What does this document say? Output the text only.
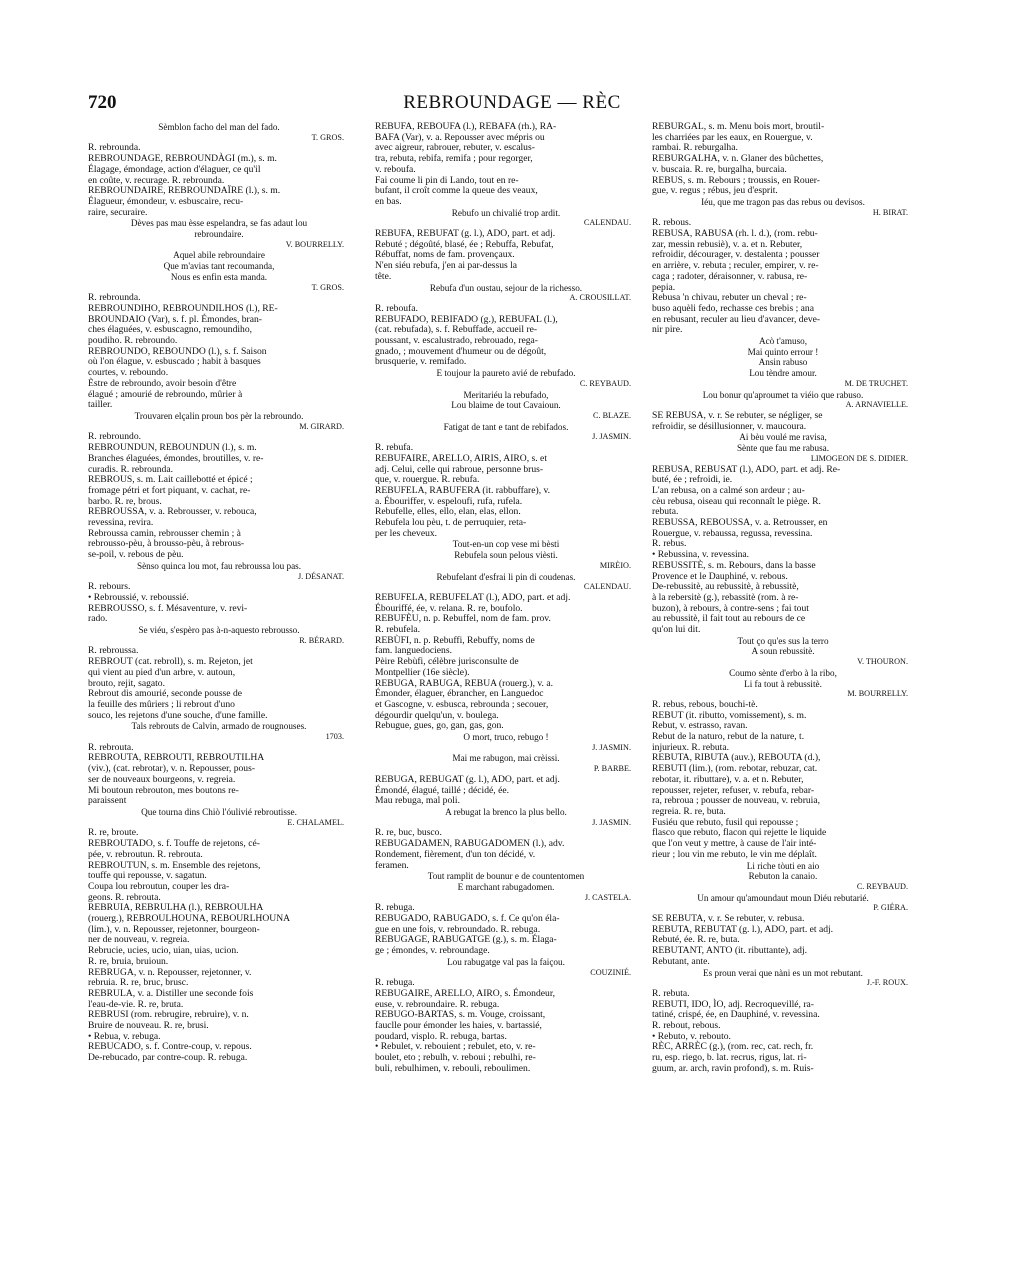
720	REBROUNDAGE — RÈC
Sèmblon facho del man del fado.
T. GROS.
R. rebrounda.
REBROUNDAGE, REBROUNDÀGI (m.), s. m.
Élagage, émondage, action d'élaguer, ce qu'il
en coûte, v. recurage. R. rebrounda.
REBROUNDAIRE, REBROUNDAÏRE (l.), s. m.
Élagueur, émondeur, v. esbuscaire, recu-
raire, securaire.
Dèves pas mau èsse espelandra, se fas adaut lou
rebroundaire.
V. BOURRELLY.
Aquel abile rebroundaire
Que m'avias tant recoumanda,
Nous es enfin esta manda.
T. GROS.
R. rebrounda.
REBROUNDIHO, REBROUNDILHOS (l.), RE-
BROUNDAIO (Var), s. f. pl. Émondes, bran-
ches élaguées, v. esbuscagno, remoundiho,
poudiho. R. rebroundo.
REBROUNDO, REBOUNDO (l.), s. f. Saison
où l'on élague, v. esbuscado ; habit à basques
courtes, v. reboundo.
Èstre de rebroundo, avoir besoin d'être
élagué ; amourié de rebroundo, mûrier à
tailler.
Trouvaren elçalin proun bos pèr la rebroundo.
M. GIRARD.
R. rebroundo.
REBROUNDUN, REBOUNDUN (l.), s. m.
Branches élaguées, émondes, broutilles, v. re-
curadis. R. rebrounda.
REBROUS, s. m. Lait caillebotté et épicé ;
fromage pétri et fort piquant, v. cachat, re-
barbo. R. re, brous.
REBROUSSA, v. a. Rebrousser, v. rebouca,
revessina, revira.
Rebroussa camin, rebrousser chemin ; à
rebrousso-pèu, à brousso-pèu, à rebrous-
se-poil, v. rebous de pèu.
Sènso quinca lou mot, fau rebroussa lou pas.
J. DÉSANAT.
R. rebours.
• Rebroussié, v. reboussié.
REBROUSSO, s. f. Mésaventure, v. revi-
rado.
Se viéu, s'espèro pas à-n-aquesto rebrousso.
R. BÉRARD.
R. rebroussa.
REBROUT (cat. rebroll), s. m. Rejeton, jet
qui vient au pied d'un arbre, v. autoun,
brouto, rejit, sagato.
Rebrout dis amourié, seconde pousse de
la feuille des mûriers ; li rebrout d'uno
souco, les rejetons d'une souche, d'une famille.
Tals rebrouts de Calvin, armado de rougnouses.
1703.
R. rebrouta.
REBROUTA, REBROUTI, REBROUTILHA
(viv.), (cat. rebrotar), v. n. Repousser, pous-
ser de nouveaux bourgeons, v. regreia.
Mi boutoun rebrouton, mes boutons re-
paraissent
Que tourna dins Chiò l'óulivié rebroutisse.
E. CHALAMEL.
R. re, broute.
REBROUTADO, s. f. Touffe de rejetons, cé-
pée, v. rebroutun. R. rebrouta.
REBROUTUN, s. m. Ensemble des rejetons,
touffe qui repousse, v. sagatun.
Coupa lou rebroutun, couper les dra-
geons. R. rebrouta.
REBRUIA, REBRULHA (l.), REBROULHA
(rouerg.), REBROULHOUNA, REBOURLHOUNA
(lim.), v. n. Repousser, rejetonner, bourgeon-
ner de nouveau, v. regreia.
Rebrucie, ucies, ucio, uian, uias, ucion.
R. re, bruia, bruioun.
REBRUGA, v. n. Repousser, rejetonner, v.
rebruia. R. re, bruc, brusc.
REBRULA, v. a. Distiller une seconde fois
l'eau-de-vie. R. re, bruta.
REBRUSI (rom. rebrugire, rebruire), v. n.
Bruire de nouveau. R. re, brusi.
• Rebua, v. rebuga.
REBUCADO, s. f. Contre-coup, v. repous.
De-rebucado, par contre-coup. R. rebuga.
REBUFA, REBOUFA (l.), REBAFA (rh.), RA-
BAFA (Var), v. a. Repousser avec mépris ou
avec aigreur, rabrouer, rebuter, v. escalus-
tra, rebuta, rebifa, remifa ; pour regorger,
v. reboufa.
Fai coume li pin di Lando, tout en re-
bufant, il croît comme la queue des veaux,
en bas.
Rebufo un chivalié trop ardit.
CALENDAU.
REBUFA, REBUFAT (g. l.), ADO, part. et adj.
Rebuté ; dégoûté, blasé, ée ; Rebuffa, Rebufat,
Rébuffat, noms de fam. provençaux.
N'en siéu rebufa, j'en ai par-dessus la
tête.
Rebufa d'un oustau, sejour de la richesso.
A. CROUSILLAT.
R. reboufa.
REBUFADO, REBIFADO (g.), REBUFAL (l.),
(cat. rebufada), s. f. Rebuffade, accueil re-
poussant, v. escalustrado, rebrouado, rega-
gnado, ; mouvement d'humeur ou de dégoût,
brusquerie, v. remifado.
E toujour la paureto avié de rebufado.
C. REYBAUD.
Meritariéu la rebufado,
Lou blaime de tout Cavaioun.
C. BLAZE.
Fatigat de tant e tant de rebifados.
J. JASMIN.
R. rebufa.
REBUFAIRE, ARELLO, AIRIS, AIRO, s. et
adj. Celui, celle qui rabroue, personne brus-
que, v. rouergue. R. rebufa.
REBUFELA, RABUFERA (it. rabbuffare), v.
a. Ébouriffer, v. espeloufi, rufa, rufela.
Rebufelle, elles, ello, elan, elas, ellon.
Rebufela lou pèu, t. de perruquier, reta-
per les cheveux.
Tout-en-un cop vese mi bèsti
Rebufela soun pelous vièsti.
MIRÈIO.
Rebufelant d'esfrai li pin di coudenas.
CALENDAU.
REBUFELA, REBUFELAT (l.), ADO, part. et adj.
Ébouriffé, ée, v. relana. R. re, boufolo.
REBUFÈU, n. p. Rebuffel, nom de fam. prov.
R. rebufela.
REBÙFI, n. p. Rebuffi, Rebuffy, noms de
fam. languedociens.
Pèire Rebùfi, célèbre jurisconsulte de
Montpellier (16e siècle).
REBUGA, RABUGA, REBUA (rouerg.), v. a.
Émonder, élaguer, ébrancher, en Languedoc
et Gascogne, v. esbusca, rebrounda ; secouer,
dégourdir quelqu'un, v. boulega.
Rebugue, gues, go, gan, gas, gon.
O mort, truco, rebugo !
J. JASMIN.
Mai me rabugon, mai crèissi.
P. BARBE.
REBUGA, REBUGAT (g. l.), ADO, part. et adj.
Émondé, élagué, taillé ; décidé, ée.
Mau rebuga, mal poli.
A rebugat la brenco la plus bello.
J. JASMIN.
R. re, buc, busco.
REBUGADAMEN, RABUGADOMEN (l.), adv.
Rondement, fièrement, d'un ton décidé, v.
feramen.
Tout ramplit de bounur e de countentomen
E marchant rabugadomen.
J. CASTELA.
R. rebuga.
REBUGADO, RABUGADO, s. f. Ce qu'on éla-
gue en une fois, v. rebroundado. R. rebuga.
REBUGAGE, RABUGATGE (g.), s. m. Élaga-
ge ; émondes, v. rebroundage.
Lou rabugatge val pas la faiçou.
COUZINIÉ.
R. rebuga.
REBUGAIRE, ARELLO, AIRO, s. Émondeur,
euse, v. rebroundaire. R. rebuga.
REBUGO-BARTAS, s. m. Vouge, croissant,
fauclle pour émonder les haies, v. bartassié,
poudard, visplo. R. rebuga, bartas.
• Rebulet, v. rebouient ; rebulet, eto, v. re-
boulet, eto ; rebulh, v. reboui ; rebulhi, re-
buli, rebulhimen, v. rebouli, reboulimen.
REBURGAL, s. m. Menu bois mort, broutil-
les charriées par les eaux, en Rouergue, v.
rambai. R. reburgalha.
REBURGALHA, v. n. Glaner des bûchettes,
v. buscaia. R. re, burgalha, burcaia.
REBUS, s. m. Rebours ; troussis, en Rouer-
gue, v. regus ; rébus, jeu d'esprit.
Iéu, que me tragon pas das rebus ou devisos.
H. BIRAT.
R. rebous.
REBUSA, RABUSA (rh. l. d.), (rom. rebu-
zar, messin rebusiè), v. a. et n. Rebuter,
refroidir, décourager, v. destalenta ; pousser
en arrière, v. rebuta ; reculer, empirer, v. re-
caga ; radoter, déraisonner, v. rabusa, re-
pepia.
Rebusa 'n chivau, rebuter un cheval ; re-
buso aquèli fedo, rechasse ces brebis ; ana
en rebusant, reculer au lieu d'avancer, deve-
nir pire.
Acò t'amuso,
Mai quinto errour !
Ansin rabuso
Lou tèndre amour.
M. DE TRUCHET.
Lou bonur qu'aproumet ta viéio que rabuso.
A. ARNAVIELLE.
SE REBUSA, v. r. Se rebuter, se négliger, se
refroidir, se désillusionner, v. maucoura.
Ai bèu voulé me ravisa,
Sènte que fau me rabusa.
LIMOGEON DE S. DIDIER.
REBUSA, REBUSAT (l.), ADO, part. et adj. Re-
buté, ée ; refroidi, ie.
L'an rebusa, on a calmé son ardeur ; au-
cèu rebusa, oiseau qui reconnaît le piège. R.
rebuta.
REBUSSA, REBOUSSA, v. a. Retrousser, en
Rouergue, v. rebaussa, regussa, revessina.
R. rebus.
• Rebussina, v. revessina.
REBUSSITÈ, s. m. Rebours, dans la basse
Provence et le Dauphiné, v. rebous.
De-rebussitè, au rebussitè, à rebussitè,
à la rebersitè (g.), rebassitè (rom. à re-
buzon), à rebours, à contre-sens ; fai tout
au rebussitè, il fait tout au rebours de ce
qu'on lui dit.
Tout ço qu'es sus la terro
A soun rebussitè.
V. THOURON.
Coumo sènte d'erbo à la ribo,
Li fa tout à rebussitè.
M. BOURRELLY.
R. rebus, rebous, bouchi-tè.
REBUT (it. ributto, vomissement), s. m.
Rebut, v. estrasso, ravan.
Rebut de la naturo, rebut de la nature, t.
injurieux. R. rebuta.
REBUTA, RIBUTA (auv.), REBOUTA (d.),
REBUTI (lim.), (rom. rebotar, rebuzar, cat.
rebotar, it. ributtare), v. a. et n. Rebuter,
repousser, rejeter, refuser, v. rebufa, rebar-
ra, rebroua ; pousser de nouveau, v. rebruia,
regreia. R. re, buta.
Fusiéu que rebuto, fusil qui repousse ;
flasco que rebuto, flacon qui rejette le liquide
que l'on veut y mettre, à cause de l'air inté-
rieur ; lou vin me rebuto, le vin me déplaît.
Li riche tòuti en aio
Rebuton la canaio.
C. REYBAUD.
Un amour qu'amoundaut moun Diéu rebutarié.
P. GIÉRA.
SE REBUTA, v. r. Se rebuter, v. rebusa.
REBUTA, REBUTAT (g. l.), ADO, part. et adj.
Rebuté, ée. R. re, buta.
REBUTANT, ANTO (it. ributtante), adj.
Rebutant, ante.
Es proun verai que nàni es un mot rebutant.
J.-F. ROUX.
R. rebuta.
REBUTI, IDO, ÌO, adj. Recroquevillé, ra-
tatiné, crispé, ée, en Dauphiné, v. revessina.
R. rebout, rebous.
• Rebuto, v. rebouto.
RÈC, ARRÈC (g.), (rom. rec, cat. rech, fr.
ru, esp. riego, b. lat. recrus, rigus, lat. ri-
guum, ar. arch, ravin profond), s. m. Ruis-
